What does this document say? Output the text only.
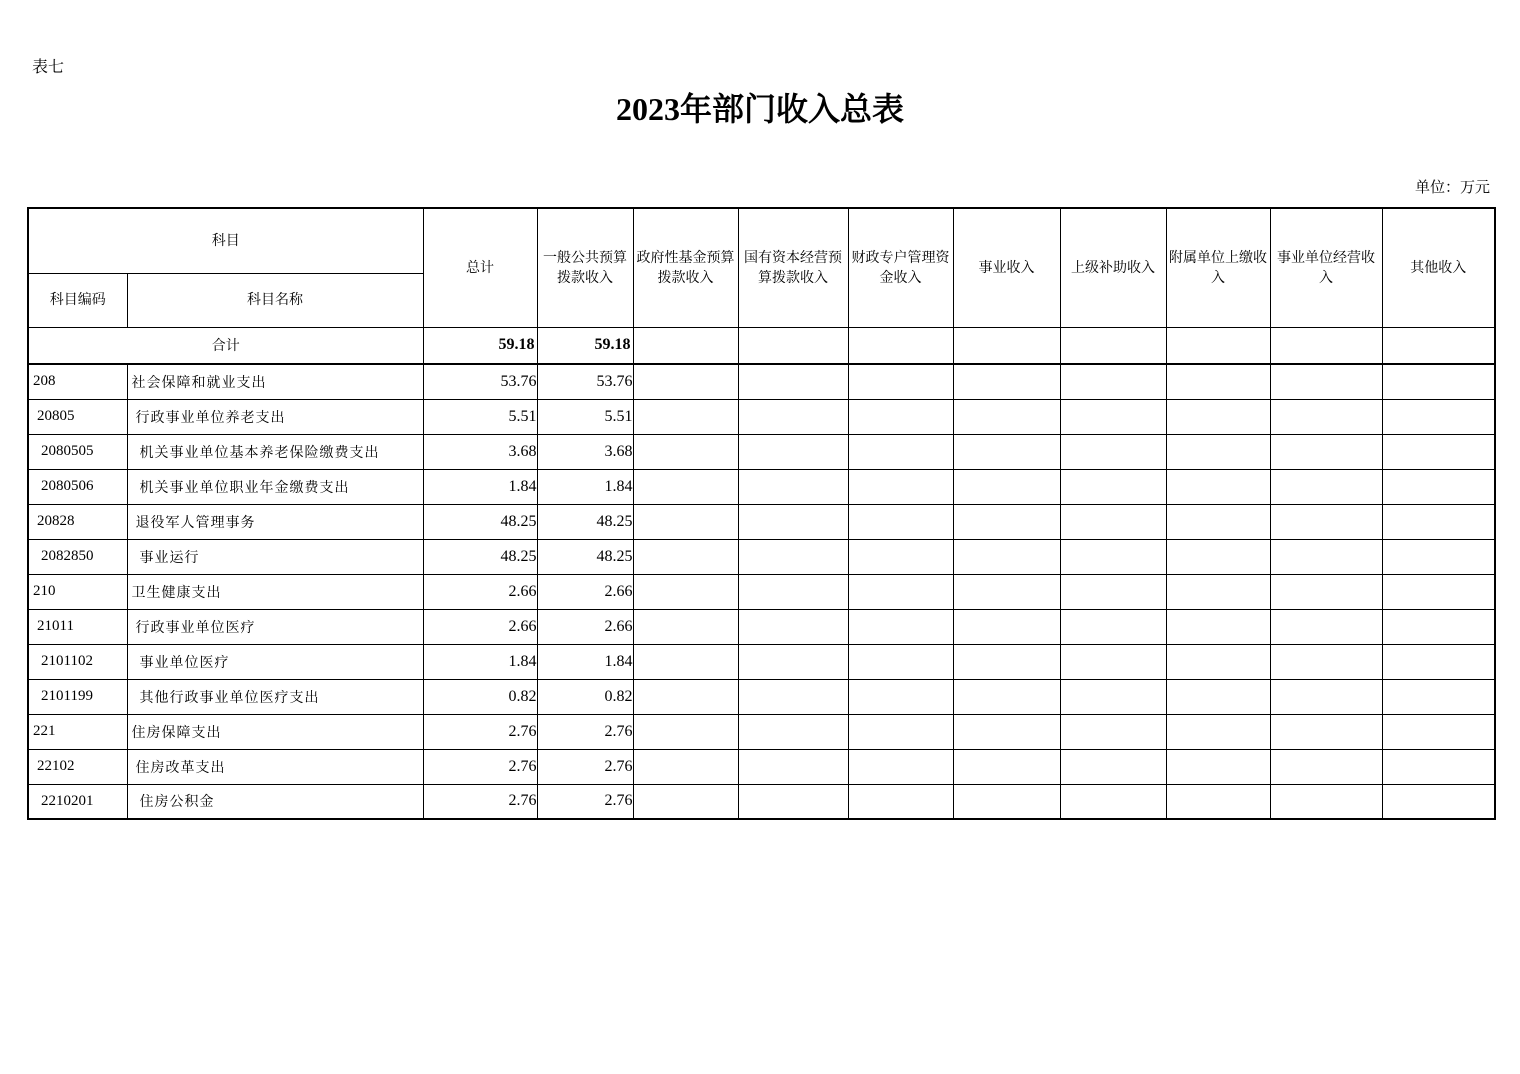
表七
2023年部门收入总表
单位：万元
科目		总计	一般公共预算拨款收入	政府性基金预算拨款收入	国有资本经营预算拨款收入	财政专户管理资金收入	事业收入	上级补助收入	附属单位上缴收入	事业单位经营收入	其他收入
科目编码	科目名称										
合计		59.18	59.18								
208	社会保障和就业支出	53.76	53.76								
20805	行政事业单位养老支出	5.51	5.51								
2080505	机关事业单位基本养老保险缴费支出	3.68	3.68								
2080506	机关事业单位职业年金缴费支出	1.84	1.84								
20828	退役军人管理事务	48.25	48.25								
2082850	事业运行	48.25	48.25								
210	卫生健康支出	2.66	2.66								
21011	行政事业单位医疗	2.66	2.66								
2101102	事业单位医疗	1.84	1.84								
2101199	其他行政事业单位医疗支出	0.82	0.82								
221	住房保障支出	2.76	2.76								
22102	住房改革支出	2.76	2.76								
2210201	住房公积金	2.76	2.76								
